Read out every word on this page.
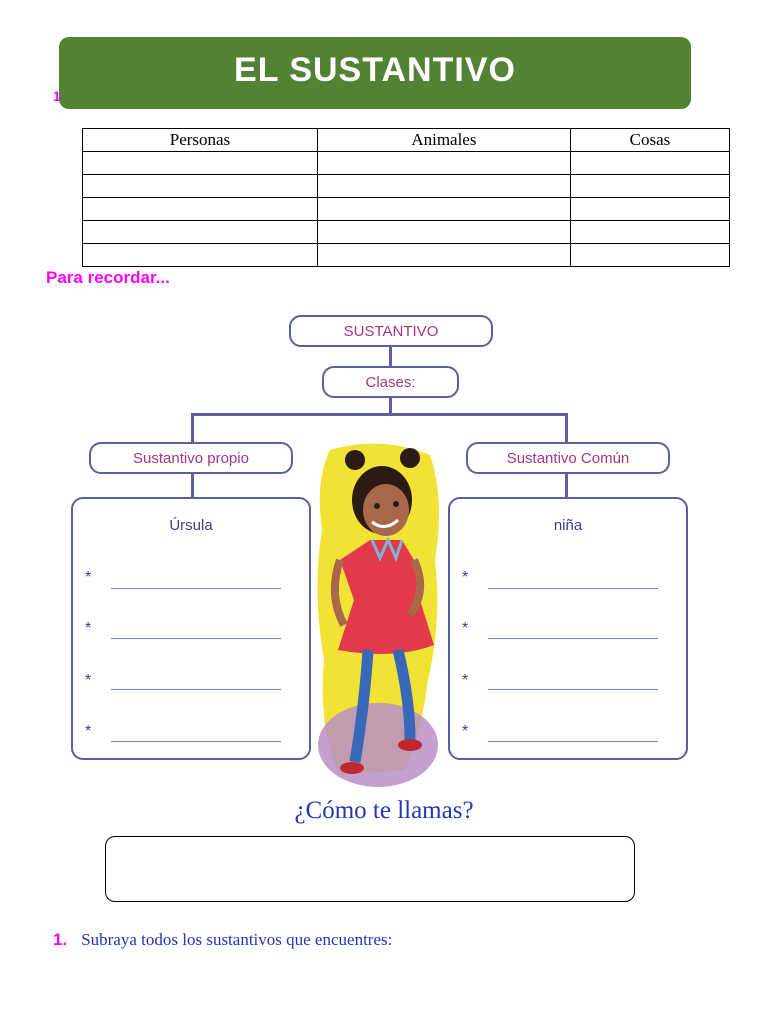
EL SUSTANTIVO
1
Personas	Animales	Cosas

Para recordar...
SUSTANTIVO
Clases:
Sustantivo propio	Sustantivo Común
Úrsula
*
*
*
*
niña
*
*
*
*
¿Cómo te llamas?
1. Subraya todos los sustantivos que encuentres:
